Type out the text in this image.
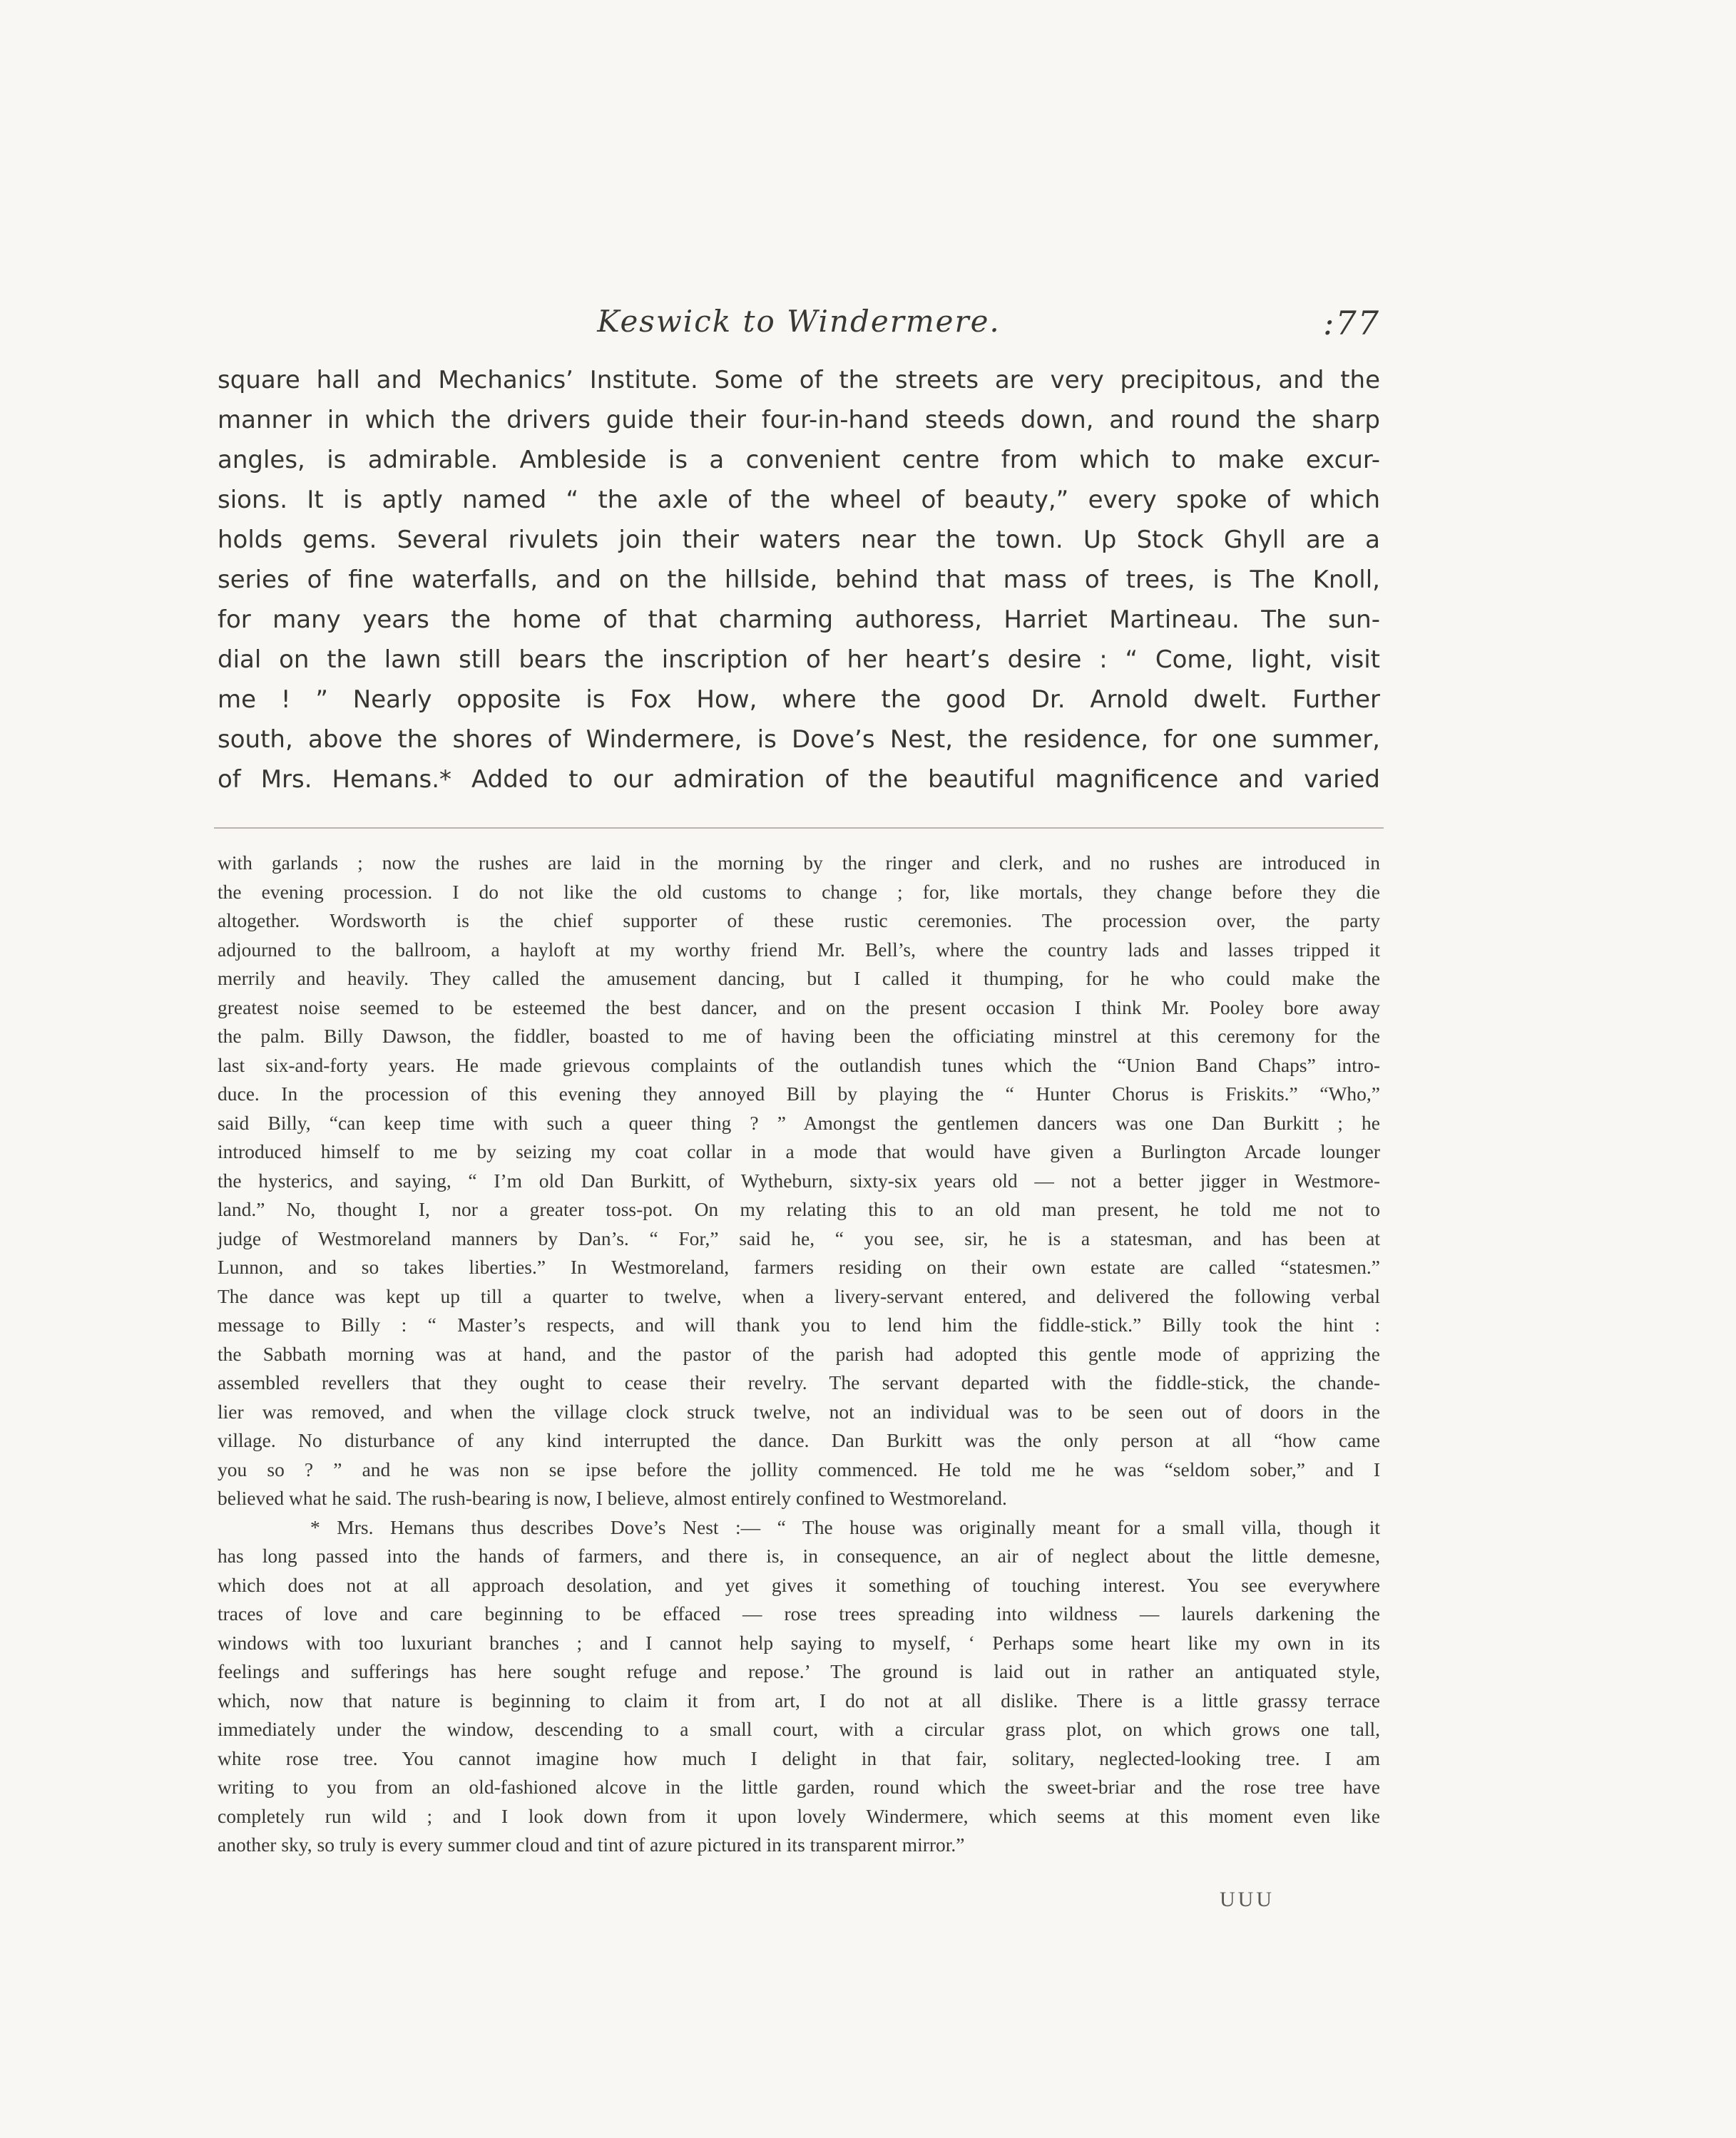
Keswick to Windermere.	:77
square hall and Mechanics’ Institute. Some of the streets are very precipitous, and the
manner in which the drivers guide their four-in-hand steeds down, and round the sharp
angles, is admirable. Ambleside is a convenient centre from which to make excur-
sions. It is aptly named “ the axle of the wheel of beauty,” every spoke of which
holds gems. Several rivulets join their waters near the town. Up Stock Ghyll are a
series of fine waterfalls, and on the hillside, behind that mass of trees, is The Knoll,
for many years the home of that charming authoress, Harriet Martineau. The sun-
dial on the lawn still bears the inscription of her heart’s desire : “ Come, light, visit
me ! ” Nearly opposite is Fox How, where the good Dr. Arnold dwelt. Further
south, above the shores of Windermere, is Dove’s Nest, the residence, for one summer,
of Mrs. Hemans.* Added to our admiration of the beautiful magnificence and varied
with garlands ; now the rushes are laid in the morning by the ringer and clerk, and no rushes are introduced in
the evening procession. I do not like the old customs to change ; for, like mortals, they change before they die
altogether. Wordsworth is the chief supporter of these rustic ceremonies. The procession over, the party
adjourned to the ballroom, a hayloft at my worthy friend Mr. Bell’s, where the country lads and lasses tripped it
merrily and heavily. They called the amusement dancing, but I called it thumping, for he who could make the
greatest noise seemed to be esteemed the best dancer, and on the present occasion I think Mr. Pooley bore away
the palm. Billy Dawson, the fiddler, boasted to me of having been the officiating minstrel at this ceremony for the
last six-and-forty years. He made grievous complaints of the outlandish tunes which the “Union Band Chaps” intro-
duce. In the procession of this evening they annoyed Bill by playing the “ Hunter Chorus is Friskits.” “Who,”
said Billy, “can keep time with such a queer thing ? ” Amongst the gentlemen dancers was one Dan Burkitt ; he
introduced himself to me by seizing my coat collar in a mode that would have given a Burlington Arcade lounger
the hysterics, and saying, “ I’m old Dan Burkitt, of Wytheburn, sixty-six years old — not a better jigger in Westmore-
land.” No, thought I, nor a greater toss-pot. On my relating this to an old man present, he told me not to
judge of Westmoreland manners by Dan’s. “ For,” said he, “ you see, sir, he is a statesman, and has been at
Lunnon, and so takes liberties.” In Westmoreland, farmers residing on their own estate are called “statesmen.”
The dance was kept up till a quarter to twelve, when a livery-servant entered, and delivered the following verbal
message to Billy : “ Master’s respects, and will thank you to lend him the fiddle-stick.” Billy took the hint :
the Sabbath morning was at hand, and the pastor of the parish had adopted this gentle mode of apprizing the
assembled revellers that they ought to cease their revelry. The servant departed with the fiddle-stick, the chande-
lier was removed, and when the village clock struck twelve, not an individual was to be seen out of doors in the
village. No disturbance of any kind interrupted the dance. Dan Burkitt was the only person at all “how came
you so ? ” and he was non se ipse before the jollity commenced. He told me he was “seldom sober,” and I
believed what he said. The rush-bearing is now, I believe, almost entirely confined to Westmoreland.
* Mrs. Hemans thus describes Dove’s Nest :— “ The house was originally meant for a small villa, though it
has long passed into the hands of farmers, and there is, in consequence, an air of neglect about the little demesne,
which does not at all approach desolation, and yet gives it something of touching interest. You see everywhere
traces of love and care beginning to be effaced — rose trees spreading into wildness — laurels darkening the
windows with too luxuriant branches ; and I cannot help saying to myself, ‘ Perhaps some heart like my own in its
feelings and sufferings has here sought refuge and repose.’ The ground is laid out in rather an antiquated style,
which, now that nature is beginning to claim it from art, I do not at all dislike. There is a little grassy terrace
immediately under the window, descending to a small court, with a circular grass plot, on which grows one tall,
white rose tree. You cannot imagine how much I delight in that fair, solitary, neglected-looking tree. I am
writing to you from an old-fashioned alcove in the little garden, round which the sweet-briar and the rose tree have
completely run wild ; and I look down from it upon lovely Windermere, which seems at this moment even like
another sky, so truly is every summer cloud and tint of azure pictured in its transparent mirror.”
UUU
